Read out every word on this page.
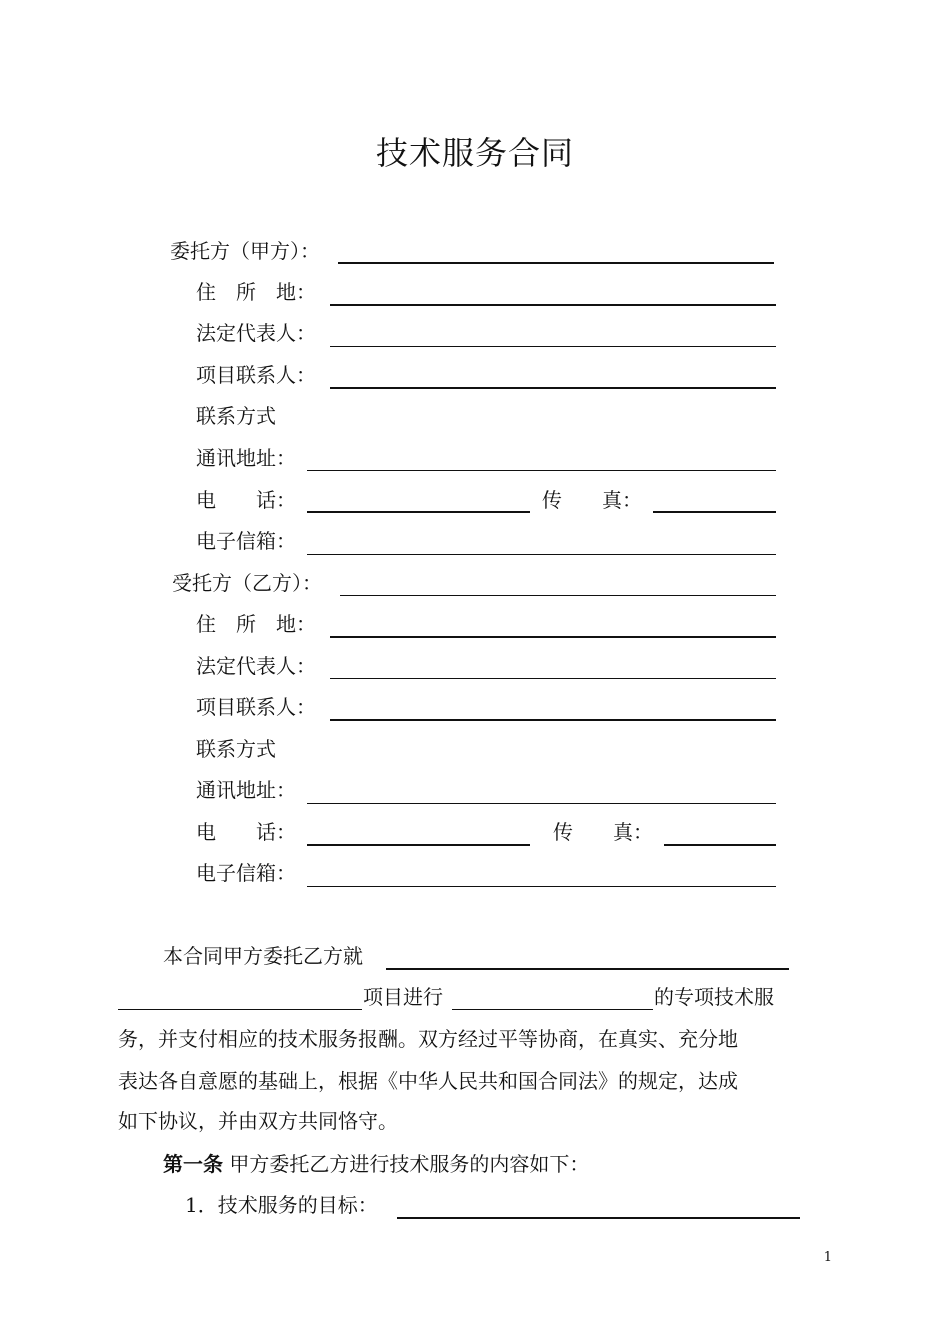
技术服务合同
委托方（甲方）：
住　所　地：
法定代表人：
项目联系人：
联系方式
通讯地址：
电　　话：	传　　真：
电子信箱：
受托方（乙方）：
住　所　地：
法定代表人：
项目联系人：
联系方式
通讯地址：
电　　话：	传　　真：
电子信箱：
本合同甲方委托乙方就
项目进行	的专项技术服
务，并支付相应的技术服务报酬。双方经过平等协商，在真实、充分地
表达各自意愿的基础上，根据《中华人民共和国合同法》的规定，达成
如下协议，并由双方共同恪守。
第一条 甲方委托乙方进行技术服务的内容如下：
1．技术服务的目标：
1
